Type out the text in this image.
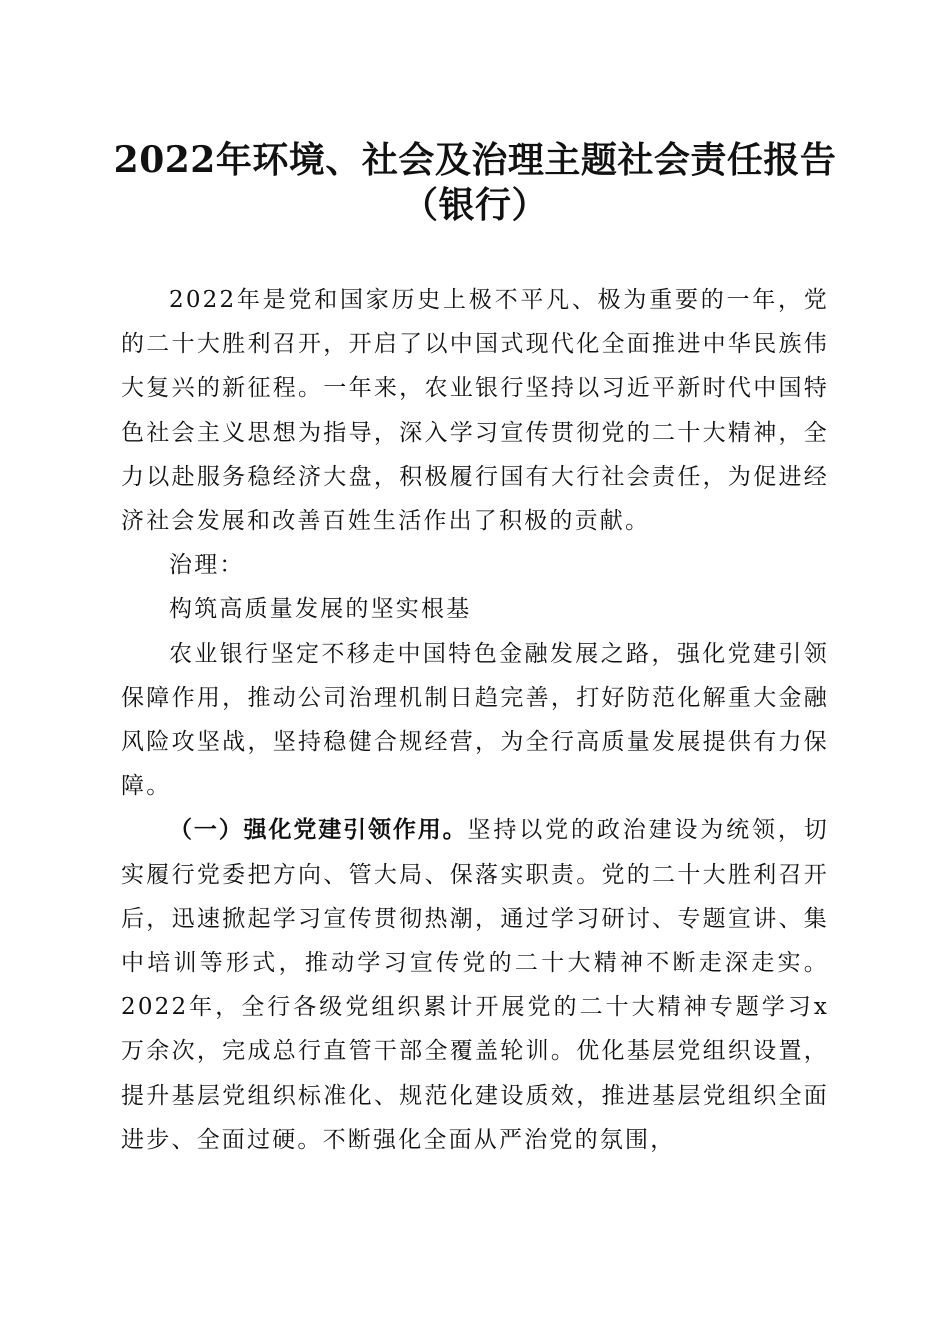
2022年环境、社会及治理主题社会责任报告
（银行）

2022年是党和国家历史上极不平凡、极为重要的一年，党的二十大胜利召开，开启了以中国式现代化全面推进中华民族伟大复兴的新征程。一年来，农业银行坚持以习近平新时代中国特色社会主义思想为指导，深入学习宣传贯彻党的二十大精神，全力以赴服务稳经济大盘，积极履行国有大行社会责任，为促进经济社会发展和改善百姓生活作出了积极的贡献。

治理：

构筑高质量发展的坚实根基

农业银行坚定不移走中国特色金融发展之路，强化党建引领保障作用，推动公司治理机制日趋完善，打好防范化解重大金融风险攻坚战，坚持稳健合规经营，为全行高质量发展提供有力保障。

（一）强化党建引领作用。坚持以党的政治建设为统领，切实履行党委把方向、管大局、保落实职责。党的二十大胜利召开后，迅速掀起学习宣传贯彻热潮，通过学习研讨、专题宣讲、集中培训等形式，推动学习宣传党的二十大精神不断走深走实。2022年，全行各级党组织累计开展党的二十大精神专题学习x万余次，完成总行直管干部全覆盖轮训。优化基层党组织设置，提升基层党组织标准化、规范化建设质效，推进基层党组织全面进步、全面过硬。不断强化全面从严治党的氛围，
